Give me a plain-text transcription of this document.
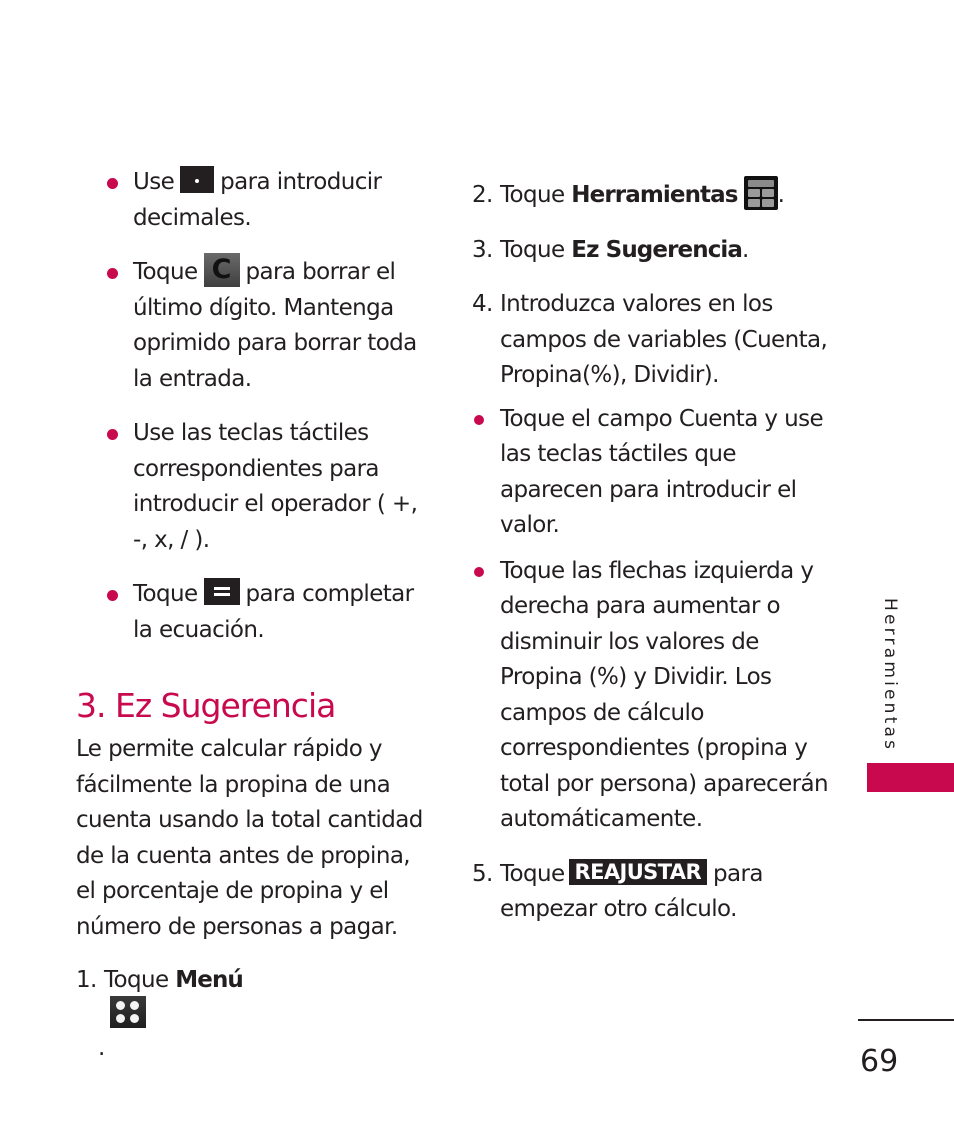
Use para introducir decimales.
Toque C para borrar el último dígito. Mantenga oprimido para borrar toda la entrada.
Use las teclas táctiles correspondientes para introducir el operador ( +, -, x, / ).
Toque para completar la ecuación.
3. Ez Sugerencia

Le permite calcular rápido y fácilmente la propina de una cuenta usando la total cantidad de la cuenta antes de propina, el porcentaje de propina y el número de personas a pagar.

1. Toque Menú
.
2. Toque Herramientas .
3. Toque Ez Sugerencia.
4. Introduzca valores en los campos de variables (Cuenta, Propina(%), Dividir).
Toque el campo Cuenta y use las teclas táctiles que aparecen para introducir el valor.
Toque las flechas izquierda y derecha para aumentar o disminuir los valores de Propina (%) y Dividir. Los campos de cálculo correspondientes (propina y total por persona) aparecerán automáticamente.
5. Toque REAJUSTAR para empezar otro cálculo.
Herramientas
69
